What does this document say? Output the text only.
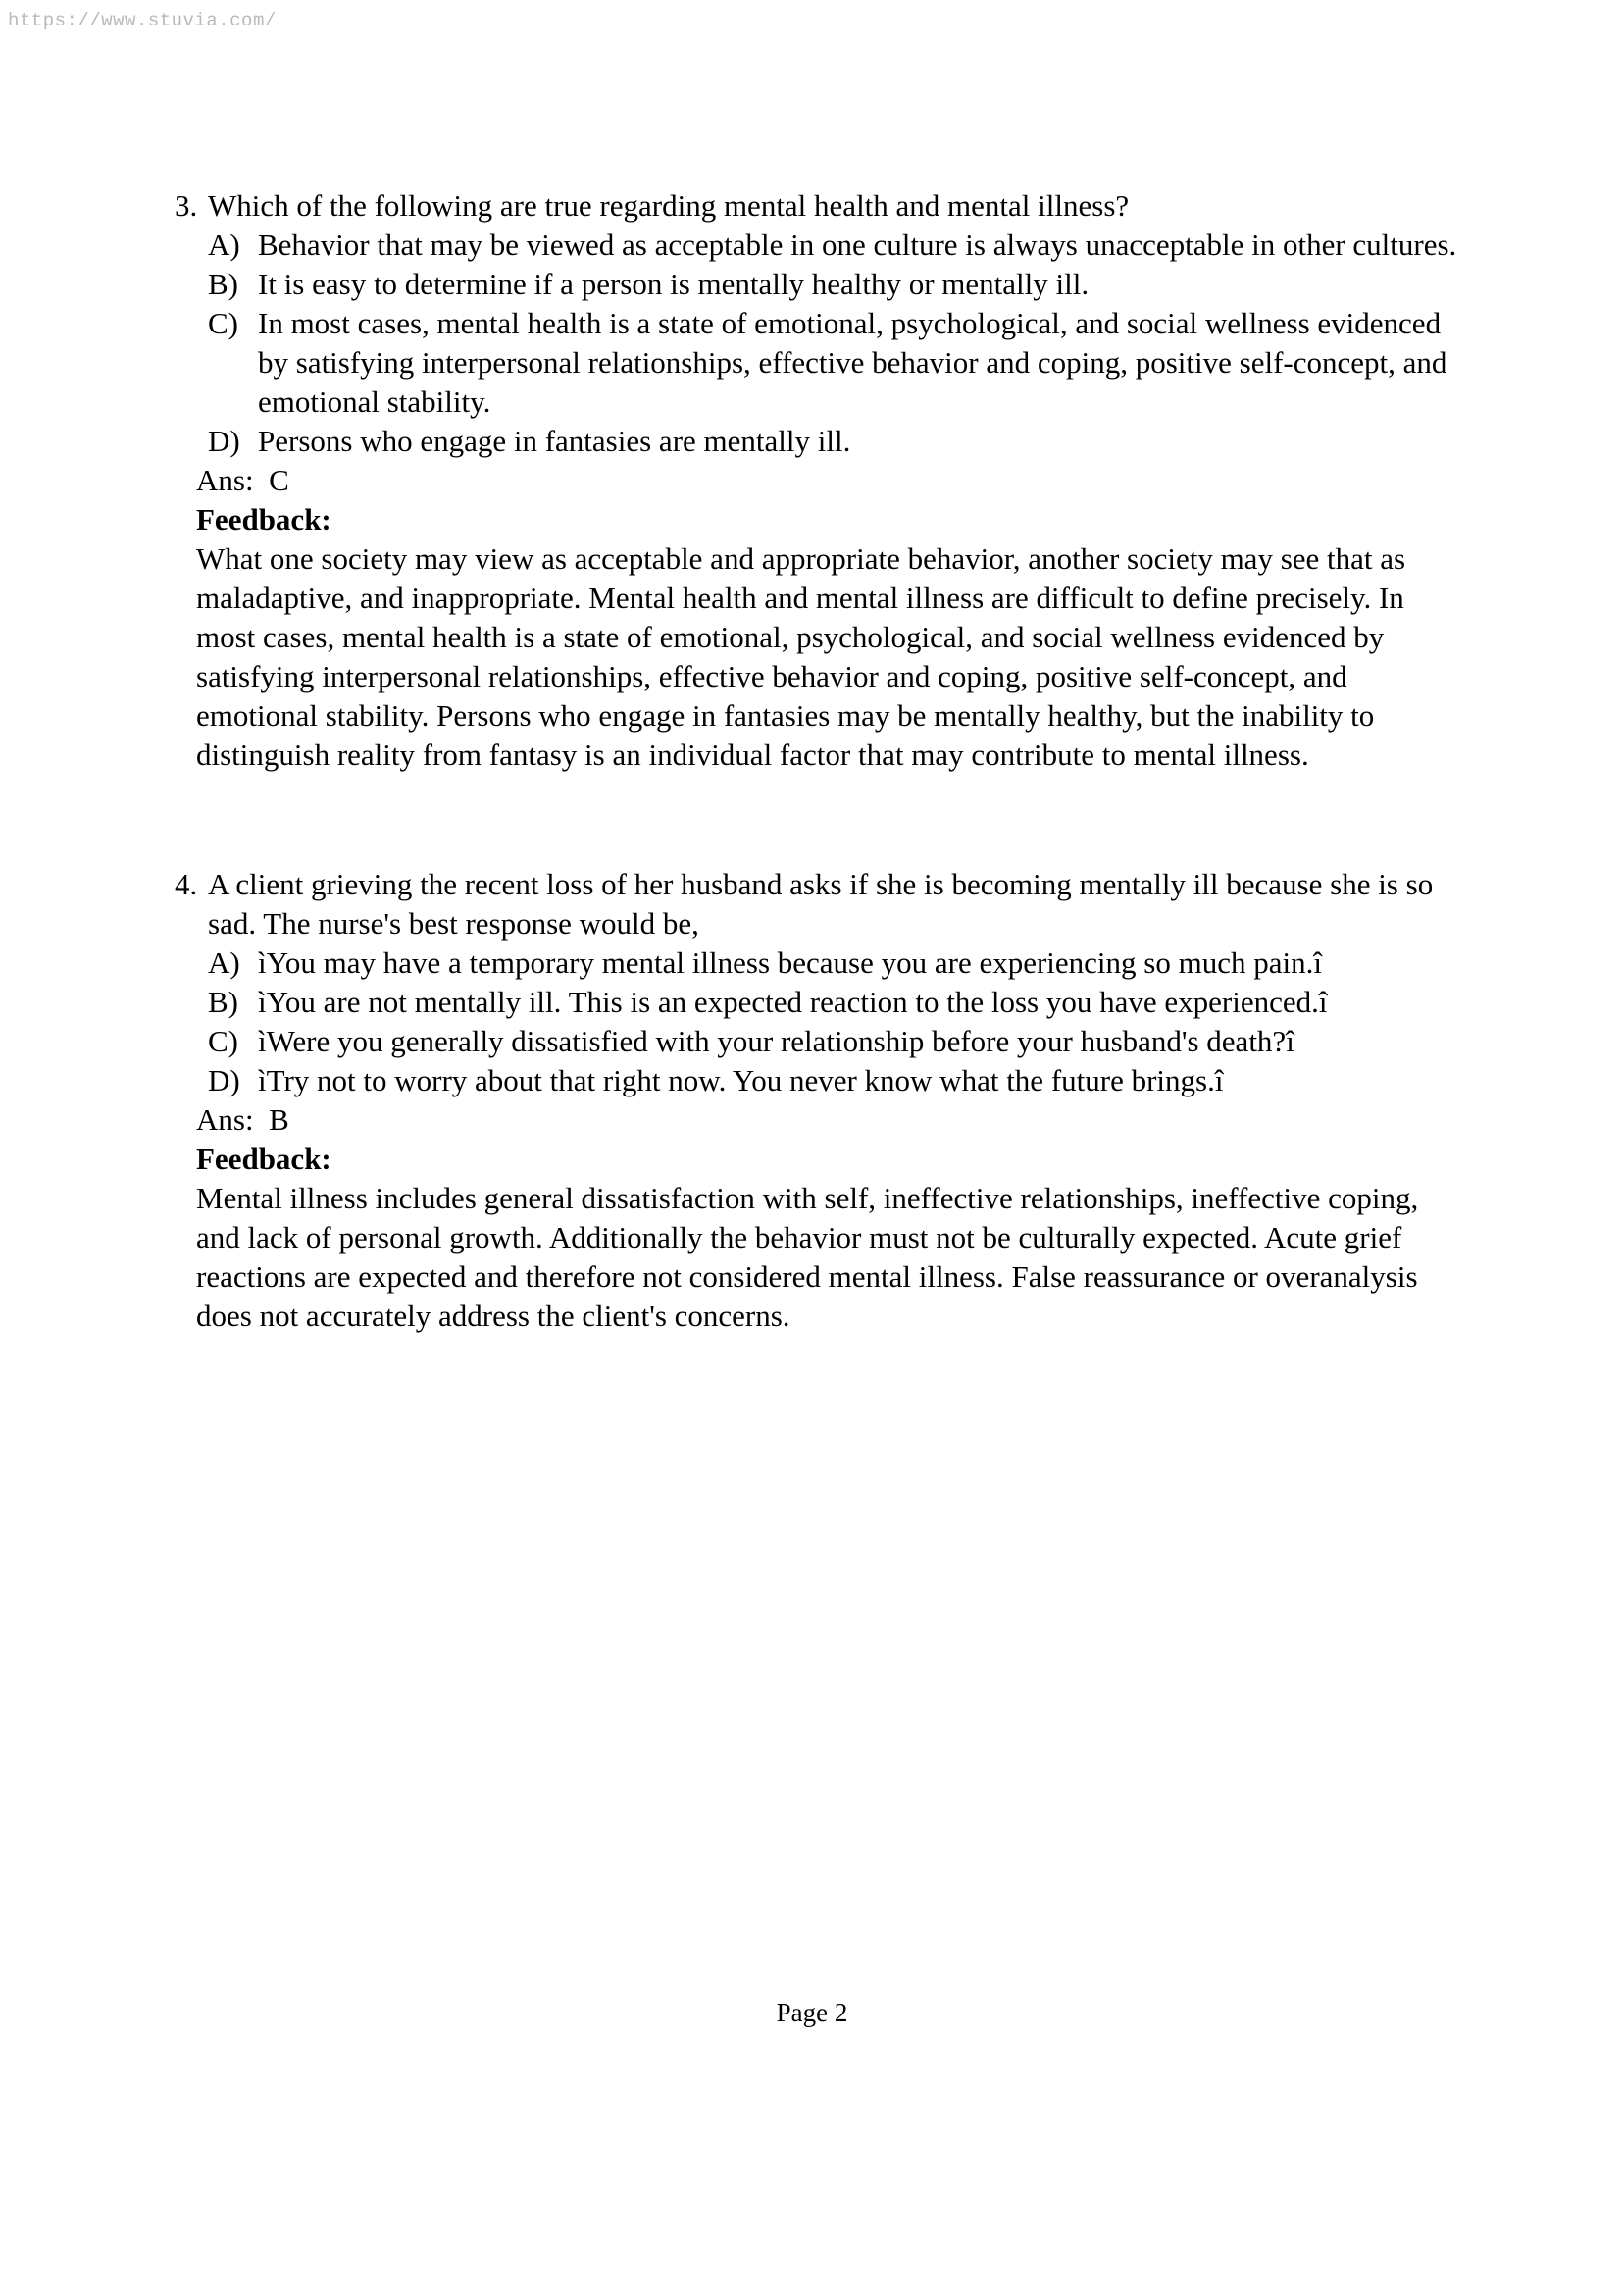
https://www.stuvia.com/
3. Which of the following are true regarding mental health and mental illness?
A) Behavior that may be viewed as acceptable in one culture is always unacceptable in other cultures.
B) It is easy to determine if a person is mentally healthy or mentally ill.
C) In most cases, mental health is a state of emotional, psychological, and social wellness evidenced by satisfying interpersonal relationships, effective behavior and coping, positive self-concept, and emotional stability.
D) Persons who engage in fantasies are mentally ill.
Ans:  C
Feedback:
What one society may view as acceptable and appropriate behavior, another society may see that as maladaptive, and inappropriate. Mental health and mental illness are difficult to define precisely. In most cases, mental health is a state of emotional, psychological, and social wellness evidenced by satisfying interpersonal relationships, effective behavior and coping, positive self-concept, and emotional stability. Persons who engage in fantasies may be mentally healthy, but the inability to distinguish reality from fantasy is an individual factor that may contribute to mental illness.
4. A client grieving the recent loss of her husband asks if she is becoming mentally ill because she is so sad. The nurse's best response would be,
A) ìYou may have a temporary mental illness because you are experiencing so much pain.î
B) ìYou are not mentally ill. This is an expected reaction to the loss you have experienced.î
C) ìWere you generally dissatisfied with your relationship before your husband's death?î
D) ìTry not to worry about that right now. You never know what the future brings.î
Ans:  B
Feedback:
Mental illness includes general dissatisfaction with self, ineffective relationships, ineffective coping, and lack of personal growth. Additionally the behavior must not be culturally expected. Acute grief reactions are expected and therefore not considered mental illness. False reassurance or overanalysis does not accurately address the client's concerns.
Page 2
